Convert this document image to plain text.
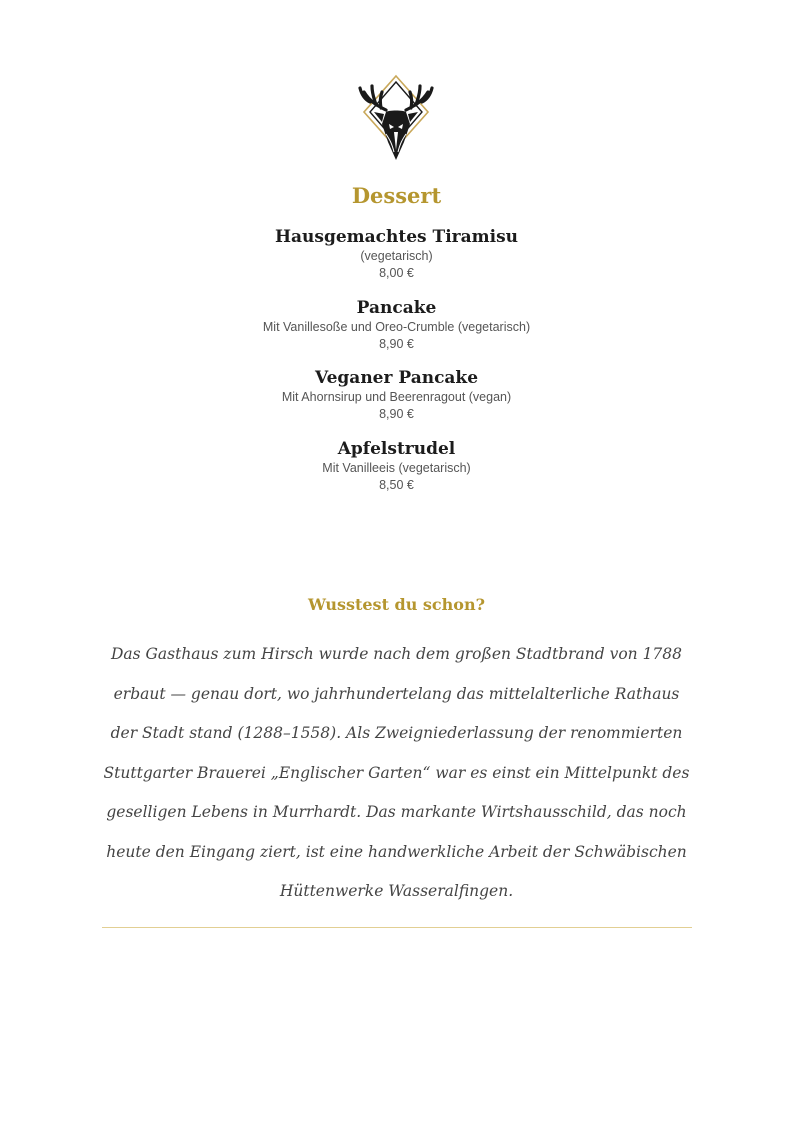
Dessert
Hausgemachtes Tiramisu
(vegetarisch)
8,00 €
Pancake
Mit Vanillesoße und Oreo-Crumble (vegetarisch)
8,90 €
Veganer Pancake
Mit Ahornsirup und Beerenragout (vegan)
8,90 €
Apfelstrudel
Mit Vanilleeis (vegetarisch)
8,50 €
Wusstest du schon?
Das Gasthaus zum Hirsch wurde nach dem großen Stadtbrand von 1788 erbaut — genau dort, wo jahrhundertelang das mittelalterliche Rathaus der Stadt stand (1288–1558). Als Zweigniederlassung der renommierten Stuttgarter Brauerei „Englischer Garten“ war es einst ein Mittelpunkt des geselligen Lebens in Murrhardt. Das markante Wirtshausschild, das noch heute den Eingang ziert, ist eine handwerkliche Arbeit der Schwäbischen Hüttenwerke Wasseralfingen.
